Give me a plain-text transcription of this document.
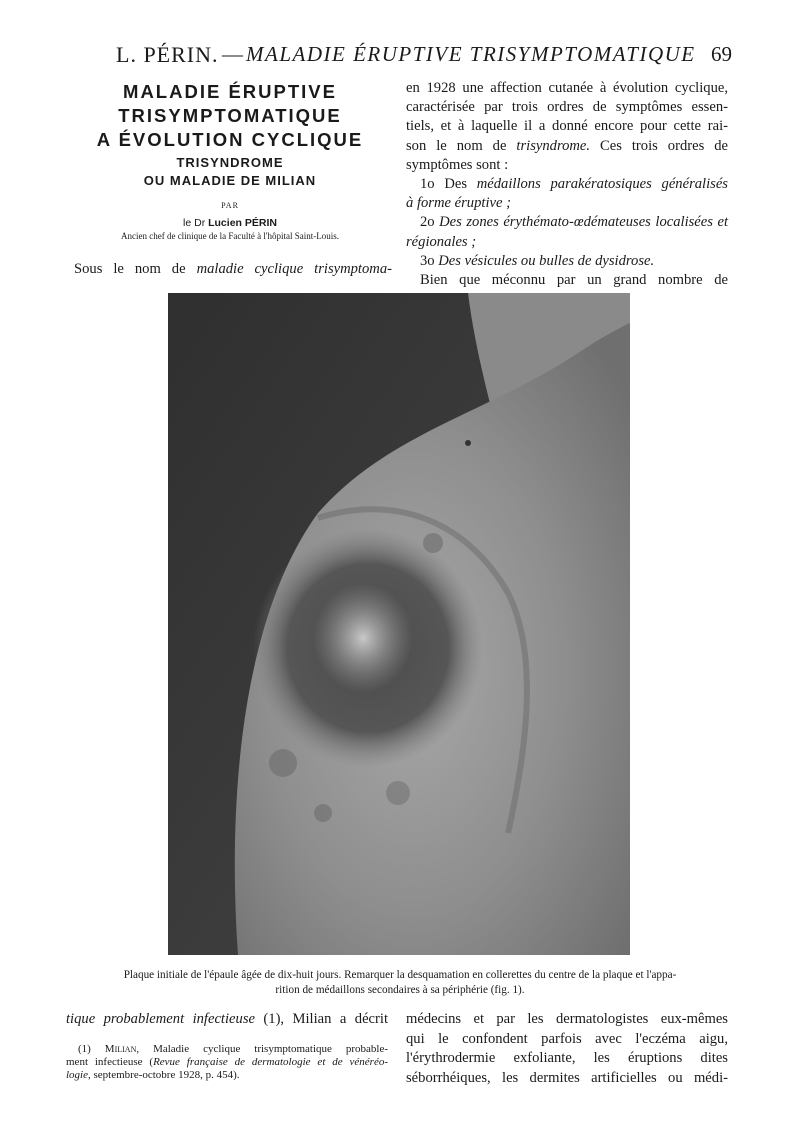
L. PÉRIN. — MALADIE ÉRUPTIVE TRISYMPTOMATIQUE 69
MALADIE ÉRUPTIVE
TRISYMPTOMATIQUE
A ÉVOLUTION CYCLIQUE
TRISYNDROME
OU MALADIE DE MILIAN
PAR
le Dr Lucien PÉRIN
Ancien chef de clinique de la Faculté à l'hôpital Saint-Louis.
Sous le nom de maladie cyclique trisymptoma-
en 1928 une affection cutanée à évolution cyclique,
caractérisée par trois ordres de symptômes essen-
tiels, et à laquelle il a donné encore pour cette rai-
son le nom de trisyndrome. Ces trois ordres de
symptômes sont :
1o Des médaillons parakératosiques généralisés
à forme éruptive ;
2o Des zones érythémato-œdémateuses localisées et
régionales ;
3o Des vésicules ou bulles de dysidrose.
Bien que méconnu par un grand nombre de
Plaque initiale de l'épaule âgée de dix-huit jours. Remarquer la desquamation en collerettes du centre de la plaque et l'appa-
rition de médaillons secondaires à sa périphérie (fig. 1).
tique probablement infectieuse (1), Milian a décrit
(1) Milian, Maladie cyclique trisymptomatique probable-
ment infectieuse (Revue française de dermatologie et de vénéréo-
logie, septembre-octobre 1928, p. 454).
médecins et par les dermatologistes eux-mêmes
qui le confondent parfois avec l'eczéma aigu,
l'érythrodermie exfoliante, les éruptions dites
séborrhéiques, les dermites artificielles ou médi-
